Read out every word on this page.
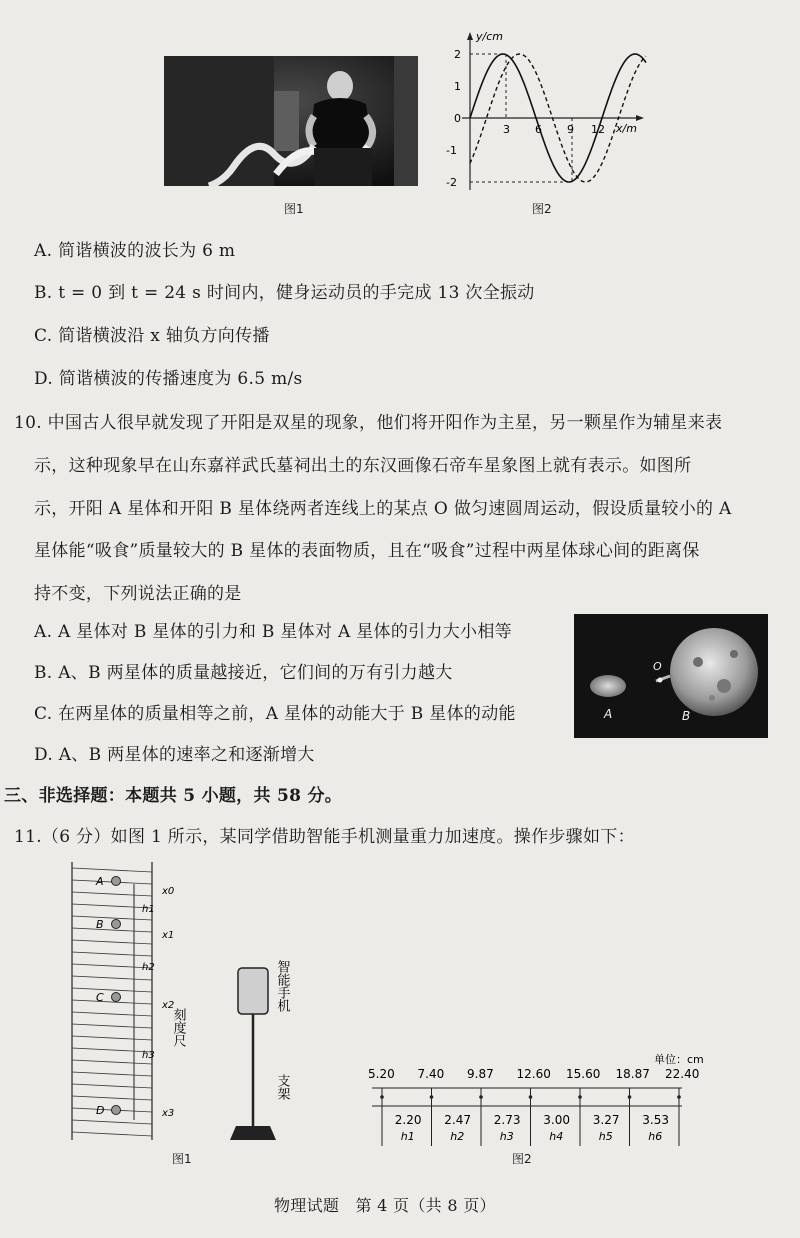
图1
y/cm
x/m
2
1
0
-1
-2
3 6 9 12
图2
A. 简谐横波的波长为 6 m
B. t = 0 到 t = 24 s 时间内，健身运动员的手完成 13 次全振动
C. 简谐横波沿 x 轴负方向传播
D. 简谐横波的传播速度为 6.5 m/s
10. 中国古人很早就发现了开阳是双星的现象，他们将开阳作为主星，另一颗星作为辅星来表
示，这种现象早在山东嘉祥武氏墓祠出土的东汉画像石帝车星象图上就有表示。如图所
示，开阳 A 星体和开阳 B 星体绕两者连线上的某点 O 做匀速圆周运动，假设质量较小的 A
星体能“吸食”质量较大的 B 星体的表面物质，且在“吸食”过程中两星体球心间的距离保
持不变，下列说法正确的是
A. A 星体对 B 星体的引力和 B 星体对 A 星体的引力大小相等
B. A、B 两星体的质量越接近，它们间的万有引力越大
C. 在两星体的质量相等之前，A 星体的动能大于 B 星体的动能
D. A、B 两星体的速率之和逐渐增大
O
A	B
三、非选择题：本题共 5 小题，共 58 分。
11.（6 分）如图 1 所示，某同学借助智能手机测量重力加速度。操作步骤如下：
A
B
C
D
x0
x1
x2
x3
h1
h2
h3
刻度尺
智能手机
支架
图1
单位：cm
5.20 7.40 9.87 12.60 15.60 18.87 22.40
2.20
h1
2.47
h2
2.73
h3
3.00
h4
3.27
h5
3.53
h6
图2
物理试题　第 4 页（共 8 页）
